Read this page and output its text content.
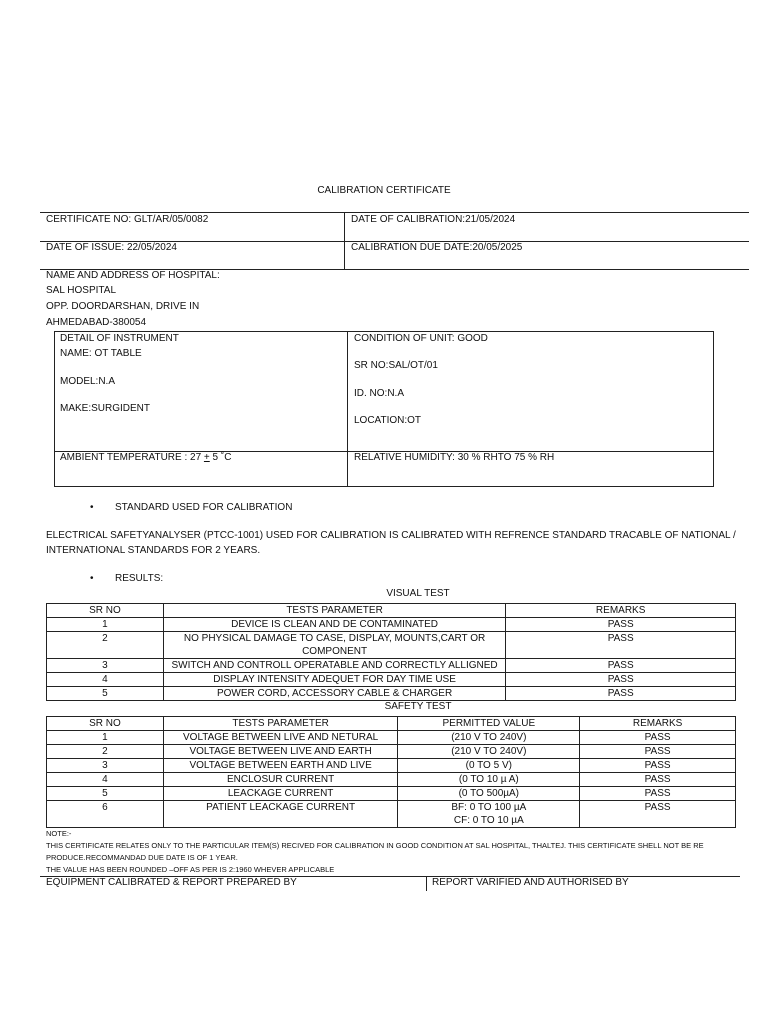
CALIBRATION CERTIFICATE
CERTIFICATE NO: GLT/AR/05/0082	DATE OF CALIBRATION:21/05/2024
DATE OF ISSUE: 22/05/2024	CALIBRATION DUE DATE:20/05/2025
NAME AND ADDRESS OF HOSPITAL:
SAL HOSPITAL
OPP. DOORDARSHAN, DRIVE IN
AHMEDABAD-380054
DETAIL OF INSTRUMENT
NAME: OT TABLE
MODEL:N.A
MAKE:SURGIDENT
CONDITION OF UNIT: GOOD
SR NO:SAL/OT/01
ID. NO:N.A
LOCATION:OT
AMBIENT TEMPERATURE : 27 + 5 ˚C	RELATIVE HUMIDITY: 30 % RHTO 75 % RH
• STANDARD USED FOR CALIBRATION
ELECTRICAL SAFETYANALYSER (PTCC-1001) USED FOR CALIBRATION IS CALIBRATED WITH REFRENCE STANDARD TRACABLE OF NATIONAL /
INTERNATIONAL STANDARDS FOR 2 YEARS.
• RESULTS:
VISUAL TEST
SR NO	TESTS PARAMETER	REMARKS
1	DEVICE IS CLEAN AND DE CONTAMINATED	PASS
2	NO PHYSICAL DAMAGE TO CASE, DISPLAY, MOUNTS,CART OR
COMPONENT	PASS
3	SWITCH AND CONTROLL OPERATABLE AND CORRECTLY ALLIGNED	PASS
4	DISPLAY INTENSITY ADEQUET FOR DAY TIME USE	PASS
5	POWER CORD, ACCESSORY CABLE & CHARGER	PASS
SAFETY TEST
SR NO	TESTS PARAMETER	PERMITTED VALUE	REMARKS
1	VOLTAGE BETWEEN LIVE AND NETURAL	(210 V TO 240V)	PASS
2	VOLTAGE BETWEEN LIVE AND EARTH	(210 V TO 240V)	PASS
3	VOLTAGE BETWEEN EARTH AND LIVE	(0 TO 5 V)	PASS
4	ENCLOSUR CURRENT	(0 TO 10 µ A)	PASS
5	LEACKAGE CURRENT	(0 TO 500µA)	PASS
6	PATIENT LEACKAGE CURRENT	BF: 0 TO 100 µA
CF: 0 TO 10 µA	PASS
NOTE:-
THIS CERTIFICATE RELATES ONLY TO THE PARTICULAR ITEM(S) RECIVED FOR CALIBRATION IN GOOD CONDITION AT SAL HOSPITAL, THALTEJ. THIS CERTIFICATE SHELL NOT BE RE
PRODUCE.RECOMMANDAD DUE DATE IS OF 1 YEAR.
THE VALUE HAS BEEN ROUNDED –OFF AS PER IS 2:1960 WHEVER APPLICABLE
EQUIPMENT CALIBRATED & REPORT PREPARED BY	REPORT VARIFIED AND AUTHORISED BY
